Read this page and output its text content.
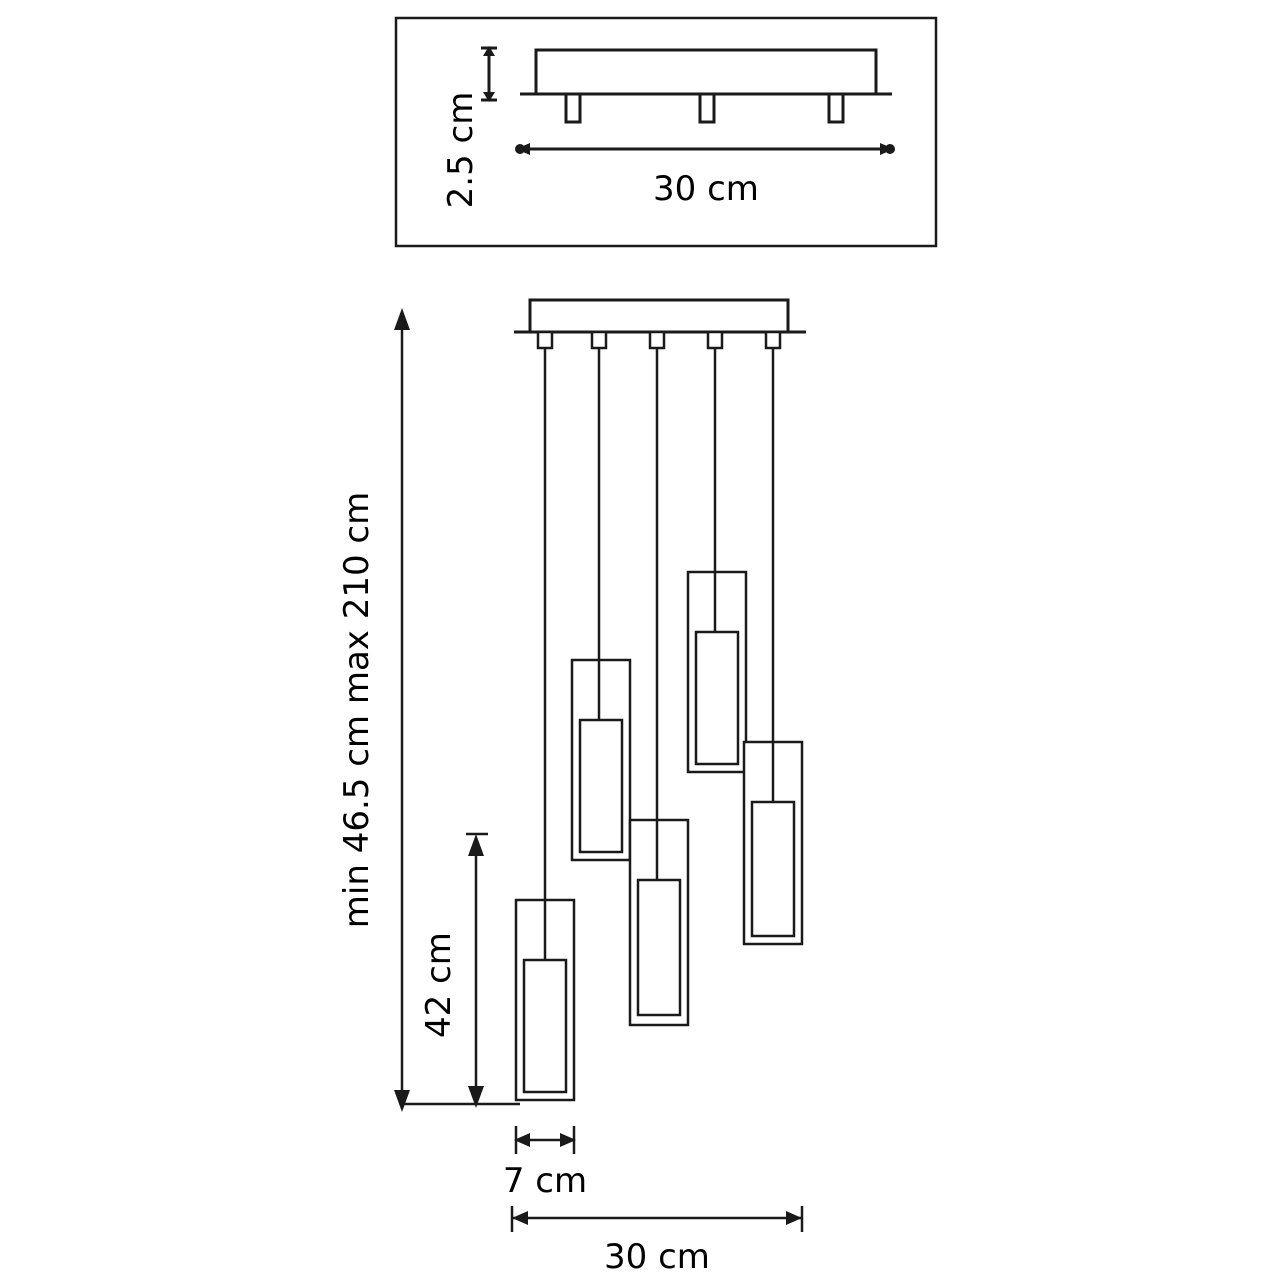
2.5 cm	30 cm
min 46.5 cm max 210 cm
42 cm
7 cm
30 cm
